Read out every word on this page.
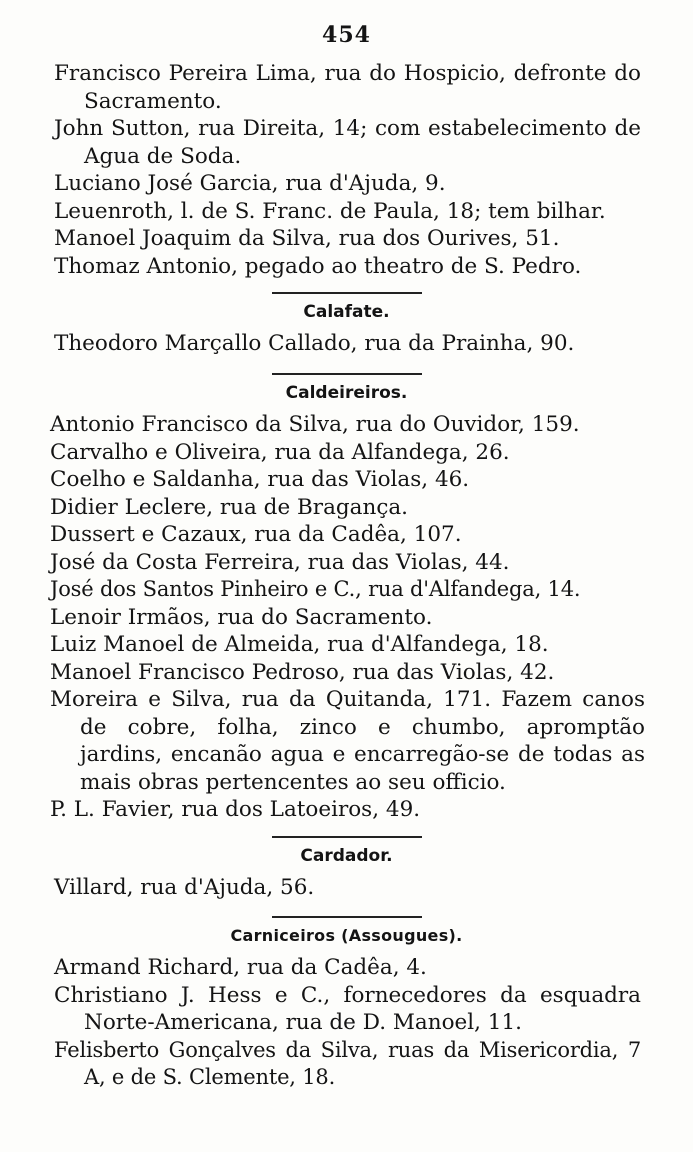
454

Francisco Pereira Lima, rua do Hospicio, defronte do Sacramento.

John Sutton, rua Direita, 14; com estabelecimento de Agua de Soda.

Luciano José Garcia, rua d'Ajuda, 9.

Leuenroth, l. de S. Franc. de Paula, 18; tem bilhar.

Manoel Joaquim da Silva, rua dos Ourives, 51.

Thomaz Antonio, pegado ao theatro de S. Pedro.

Calafate.

Theodoro Marçallo Callado, rua da Prainha, 90.

Caldeireiros.

Antonio Francisco da Silva, rua do Ouvidor, 159.

Carvalho e Oliveira, rua da Alfandega, 26.

Coelho e Saldanha, rua das Violas, 46.

Didier Leclere, rua de Bragança.

Dussert e Cazaux, rua da Cadêa, 107.

José da Costa Ferreira, rua das Violas, 44.

José dos Santos Pinheiro e C., rua d'Alfandega, 14.

Lenoir Irmãos, rua do Sacramento.

Luiz Manoel de Almeida, rua d'Alfandega, 18.

Manoel Francisco Pedroso, rua das Violas, 42.

Moreira e Silva, rua da Quitanda, 171. Fazem canos de cobre, folha, zinco e chumbo, apromptão jardins, encanão agua e encarregão-se de todas as mais obras pertencentes ao seu officio.

P. L. Favier, rua dos Latoeiros, 49.

Cardador.

Villard, rua d'Ajuda, 56.

Carniceiros (Assougues).

Armand Richard, rua da Cadêa, 4.

Christiano J. Hess e C., fornecedores da esquadra Norte-Americana, rua de D. Manoel, 11.

Felisberto Gonçalves da Silva, ruas da Misericordia, 7 A, e de S. Clemente, 18.
